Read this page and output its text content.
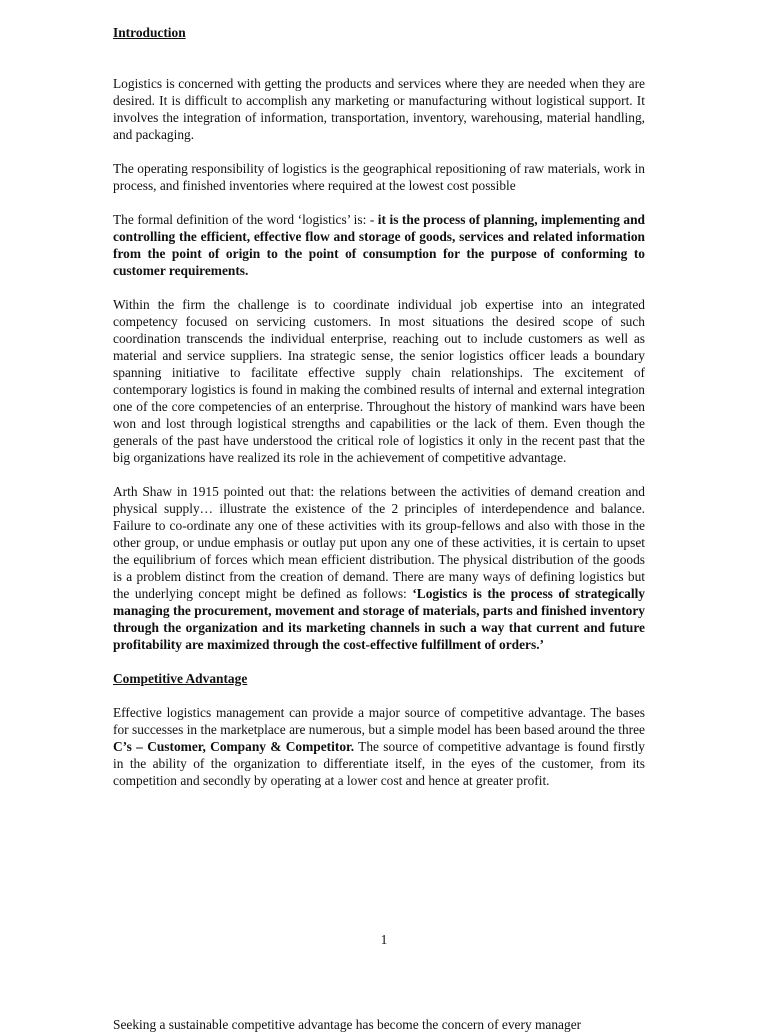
Introduction

Logistics is concerned with getting the products and services where they are needed when they are desired. It is difficult to accomplish any marketing or manufacturing without logistical support. It involves the integration of information, transportation, inventory, warehousing, material handling, and packaging.

The operating responsibility of logistics is the geographical repositioning of raw materials, work in process, and finished inventories where required at the lowest cost possible

The formal definition of the word ‘logistics’ is: - it is the process of planning, implementing and controlling the efficient, effective flow and storage of goods, services and related information from the point of origin to the point of consumption for the purpose of conforming to customer requirements.

Within the firm the challenge is to coordinate individual job expertise into an integrated competency focused on servicing customers. In most situations the desired scope of such coordination transcends the individual enterprise, reaching out to include customers as well as material and service suppliers. Ina strategic sense, the senior logistics officer leads a boundary spanning initiative to facilitate effective supply chain relationships. The excitement of contemporary logistics is found in making the combined results of internal and external integration one of the core competencies of an enterprise. Throughout the history of mankind wars have been won and lost through logistical strengths and capabilities or the lack of them. Even though the generals of the past have understood the critical role of logistics it only in the recent past that the big organizations have realized its role in the achievement of competitive advantage.

Arth Shaw in 1915 pointed out that: the relations between the activities of demand creation and physical supply… illustrate the existence of the 2 principles of interdependence and balance. Failure to co-ordinate any one of these activities with its group-fellows and also with those in the other group, or undue emphasis or outlay put upon any one of these activities, it is certain to upset the equilibrium of forces which mean efficient distribution. The physical distribution of the goods is a problem distinct from the creation of demand. There are many ways of defining logistics but the underlying concept might be defined as follows: ‘Logistics is the process of strategically managing the procurement, movement and storage of materials, parts and finished inventory through the organization and its marketing channels in such a way that current and future profitability are maximized through the cost-effective fulfillment of orders.’

Competitive Advantage

Effective logistics management can provide a major source of competitive advantage. The bases for successes in the marketplace are numerous, but a simple model has been based around the three C’s – Customer, Company & Competitor. The source of competitive advantage is found firstly in the ability of the organization to differentiate itself, in the eyes of the customer, from its competition and secondly by operating at a lower cost and hence at greater profit.

1
Seeking a sustainable competitive advantage has become the concern of every manager
